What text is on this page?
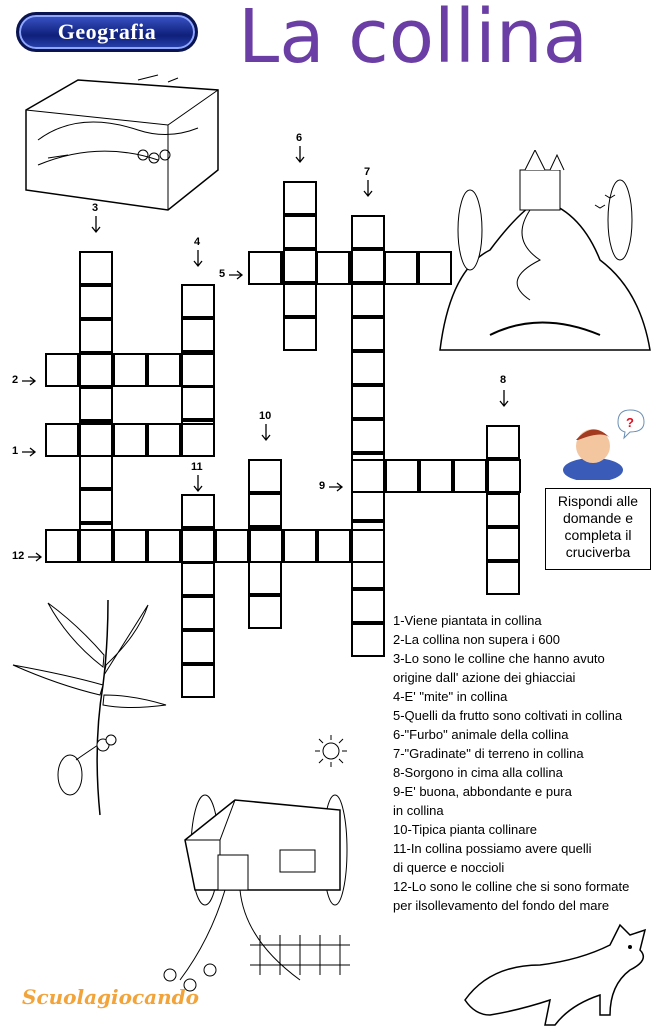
Geografia	La collina
?
1
2
3
4
5
6
7
8
9
10
11
12
Rispondi alle domande e completa il cruciverba
1-Viene piantata in collina
2-La collina non supera i 600
3-Lo sono le colline che hanno avuto
origine dall' azione dei ghiacciai
4-E' "mite" in collina
5-Quelli da frutto sono coltivati in collina
6-"Furbo" animale della collina
7-"Gradinate" di terreno in collina
8-Sorgono in cima alla collina
9-E' buona, abbondante e pura
in collina
10-Tipica pianta collinare
11-In collina possiamo avere quelli
di querce e noccioli
12-Lo sono le colline che si sono formate
per ilsollevamento del fondo del mare
Scuolagiocando
